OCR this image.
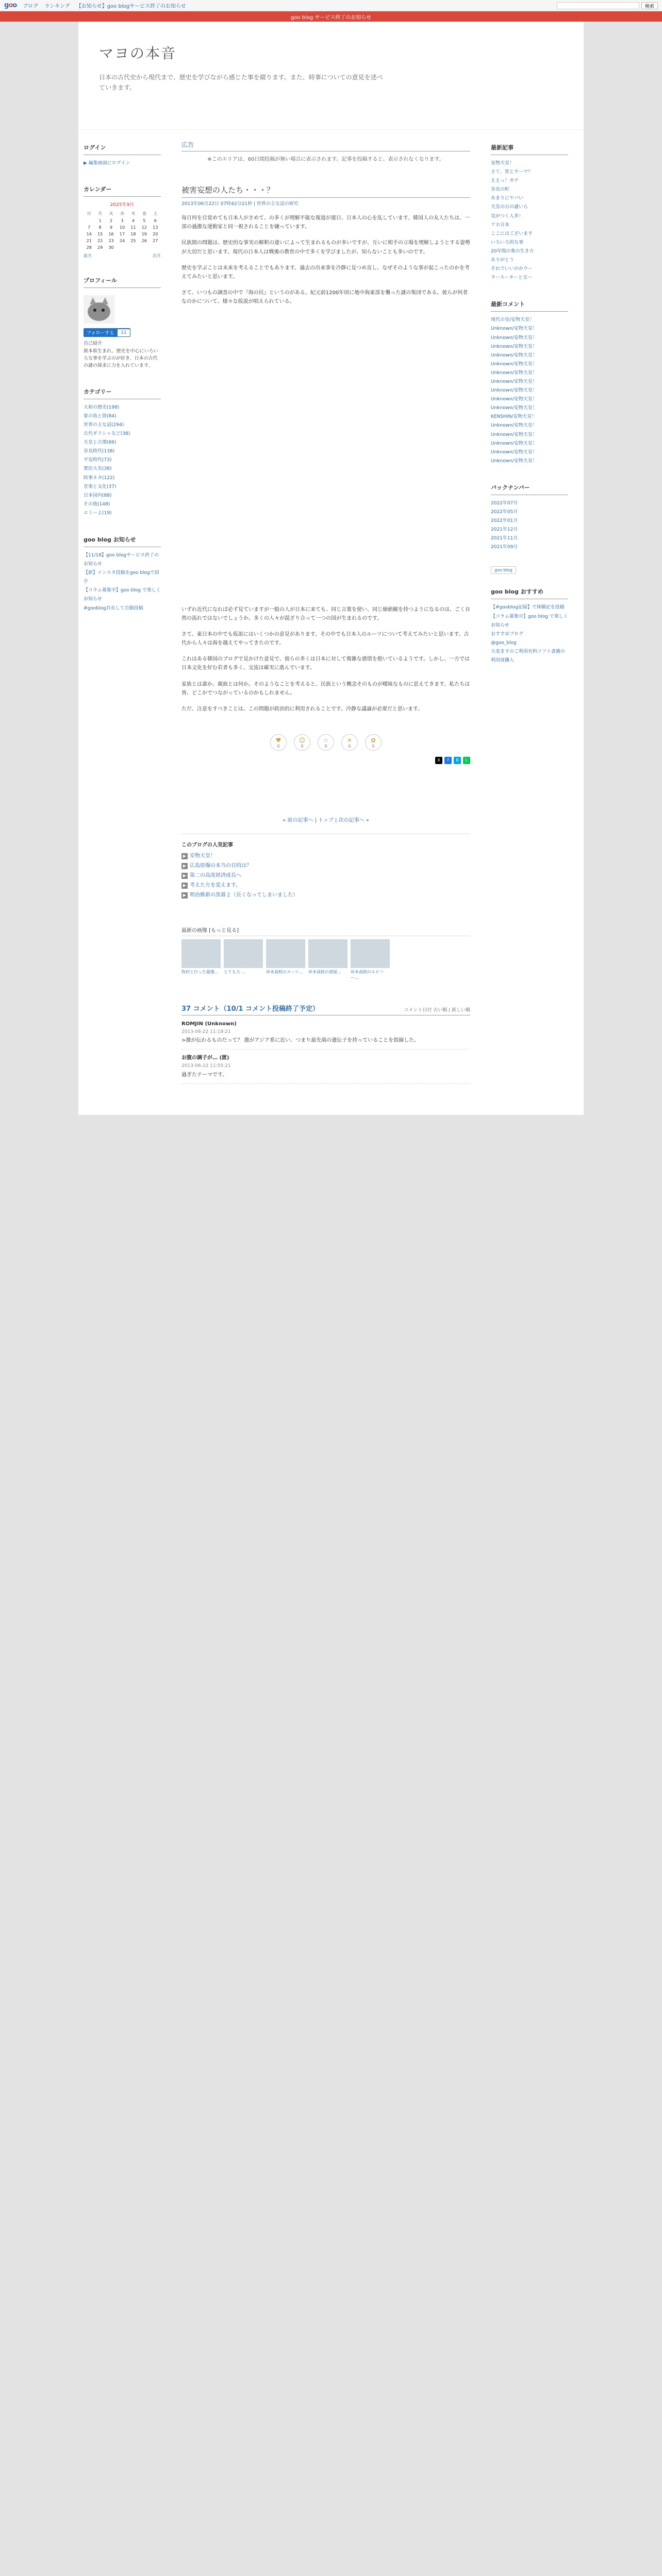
goo ブログ ランキング 【お知らせ】goo blogサービス終了のお知らせ	検索
goo blog サービス終了のお知らせ
マヨの本音
日本の古代史から現代まで、歴史を学びながら感じた事を綴ります。また、時事についての意見を述べていきます。
ログイン
▶ 編集画面にログイン
カレンダー
2025年9月
日	月	火	水	木	金	土
	1	2	3	4	5	6
7	8	9	10	11	12	13
14	15	16	17	18	19	20
21	22	23	24	25	26	27
28	29	30				
前月	次月
プロフィール

フォローする	11
自己紹介
熊本県生まれ。歴史を中心にいろいろな事を学ぶのが好き、日本の古代の謎の探求に力を入れています。
カテゴリー
大和の歴史(198)
象の島と陸(84)
世界の主な話(294)
古代ギリシャなど(38)
天皇と古墳(86)
奈良時代(138)
平安時代(73)
豊臣大名(38)
時事ネタ(122)
音楽と文化(37)
日本国内(88)
その他(148)
エミーよ(19)
goo blog お知らせ
【11/18】goo blogサービス終了のお知らせ
【新】インスタ投稿をgoo blogで紹介
【コラム募集中】goo blog で楽しくお知らせ
#gooblog共有して自動投稿
広告
※このエリアは、60日間投稿が無い場合に表示されます。記事を投稿すると、表示されなくなります。
被害妄想の人たち・・・？
2013年06月22日 07時42分21秒 | 世界の主な話の研究
毎日何を目覚めても日本人がさめて、の多くが理解不能な報道が連日、日本人の心を乱しています。韓国人の友人たちは、一部の過激な運動家と同一視されることを嫌っています。
民族間の問題は、歴史的な事実の解釈の違いによって生まれるものが多いですが、互いに相手の立場を理解しようとする姿勢が大切だと思います。現代の日本人は戦後の教育の中で多くを学びましたが、知らないことも多いのです。
歴史を学ぶことは未来を考えることでもあります。過去の出来事を冷静に見つめ直し、なぜそのような事が起こったのかを考えてみたいと思います。
さて、いつもの調査の中で『海の民』というのがある。紀元前1200年頃に地中海東部を襲った謎の集団である。彼らが何者なのかについて、様々な仮説が唱えられている。
いずれ近代になれば必ず見ていますが一般の人が日本に来ても、同じ言葉を使い、同じ価値観を持つようになるのは、ごく自然の流れではないでしょうか。多くの人々が混ざり合って一つの国が生まれるのです。
さて、東日本の中でも仮説にはいくつかの意見があります。その中でも日本人のルーツについて考えてみたいと思います。古代から人々は海を越えてやってきたのです。
これはある韓国のブログで見かけた意見で、彼らの多くは日本に対して複雑な感情を抱いているようです。しかし、一方では日本文化を好む若者も多く、交流は確実に進んでいます。
家族とは誰か。親族とは何か。そのようなことを考えると、民族という概念そのものが曖昧なものに思えてきます。私たちは皆、どこかでつながっているのかもしれません。
ただ、注意をすべきことは、この問題が政治的に利用されることです。冷静な議論が必要だと思います。
♥
0
☺
0
☆
0
☀
0
✿
0
X	f	B	L
« 前の記事へ | トップ | 次の記事へ »
このブログの人気記事
▶ 安物天皇！
▶ 広島原爆の本当の目的は？
▶ 第二の高度経済成長へ
▶ 考えた方を変えます。
▶ 明治維新の黒幕２（長くなってしまいました）
最新の画像 [もっと見る]
牧村と行った最後…	とても大 …	岸本高校のスーツ…	岸本高校の部屋…	岸本高校のエピソー…
37 コメント（10/1 コメント投稿終了予定）	コメント日付 古い順 | 新しい順
ROMJIN (Unknown)
2013-06-22 11:19:21
>激が伝わるものだって？ 激がアジア系に近い、つまり最先端の遺伝子を持っていることを指摘した。
お腹の調子が… (匿)
2013-06-22 11:55:21
過ぎたテーマです。
最新記事
安物天皇！
さて、皆とウーマ？
ええっ！ガチ
奈良の町
あまりにヤバい
天皇の日の謎いら
気がつく人多！
アホ日本
ここにはございます
いろいろ的な事
20年間の奥の生き方
ありがとう
それでいいのかウー
ラースーターと宝ー
最新コメント
現代の皇/安物天皇！
Unknown/安物天皇！
Unknown/安物天皇！
Unknown/安物天皇！
Unknown/安物天皇！
Unknown/安物天皇！
Unknown/安物天皇！
Unknown/安物天皇！
Unknown/安物天皇！
Unknown/安物天皇！
Unknown/安物天皇！
KENSHIN/安物天皇！
Unknown/安物天皇！
Unknown/安物天皇！
Unknown/安物天皇！
Unknown/安物天皇！
Unknown/安物天皇！
バックナンバー
2022年07月
2022年05月
2022年01月
2021年12月
2021年11月
2021年09月
goo blog
goo blog おすすめ
【#gooblog記録】で体験記を投稿
【コラム募集中】goo blog で楽しくお知らせ
おすすめブログ
@goo_blog
大変ますのご利用有料ソフト書籍の利用度購入
